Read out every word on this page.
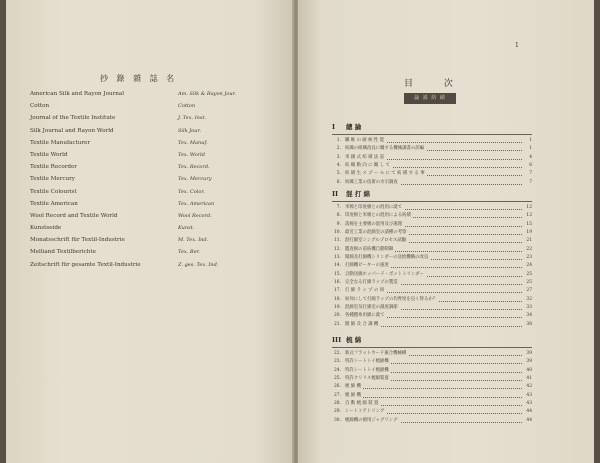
抄 錄 雜 誌 名
American Silk and Rayon Journal	Am. Silk & Rayon Jour.
Cotton	Cotton
Journal of the Textile Institute	J. Tex. Inst.
Silk Journal and Rayon World	Silk Jour.
Textile Manufacturer	Tex. Manuf.
Textile World	Tex. World
Textile Recorder	Tex. Record.
Textile Mercury	Tex. Mercury
Textile Colourist	Tex. Color.
Textile American	Tex. American
Wool Record and Textile World	Wool Record.
Kunstseide	Kunst.
Monatsschrift für Textil-Industrie	M. Tex. Ind.
Melliand Textilberichte	Tex. Ber.
Zeitschrift für gesamte Textil-Industrie	Z. ges. Tex. Ind.
1
目 次
論 説 紡 績
I 總 論
1. 纖 維 の 耐 候 性 能	1
2. 紡織の組織改良に關する機械調書の訳編	1
3. 米 國 式 紡 績 法 話	4
4. 紡 織 動 向 に 關 し て	6
5. 紡 績 生 ス プ ー ル に て 紡 績 す る 事	7
6. 紡織工業の技術の水引調查	7
II 混 打 綿
7. 米棉と印度棉との混用に就て	12
8. 印度棉と米棉との混用による紡績	12
9. 落棉を主要棉の混用及び處理	15
10. 最近工業の混綿室の諸種の考察	19
11. 混打綿室シングルプロセス試驗	21
12. 鑑査棉の前紡機自動制御	22
13. 開綿及打綿機シリンダーの送給機構の改良	23
14. 打綿機ビーターの速度	24
15. 自動送綿ホッパード・ボットトリンダー	25
16. 完全なる打綿ラップの製造	25
17. 打 綿 ラ ッ プ の 斑	27
18. 如何にして打綿ラップの均齊度を良く得るか？	32
19. 混綿室及打綿室の濕度調節	33
20. 各種撚糸用綿に就て	34
21. 開 綿 及 合 調 機	38
III 梳 綿
22. 新式フラットカード兼合機械構	39
23. 特許シートトイ梳綿機	39
24. 特許シートトイ梳綿機	40
25. 特許クリリス梳綿裝置	41
26. 梳 綿 機	42
27. 梳 綿 機	43
28. 自 動 梳 綿 裝 置	43
29. シートトアトリング	44
30. 梳綿機の撥用ジャグリング	44
